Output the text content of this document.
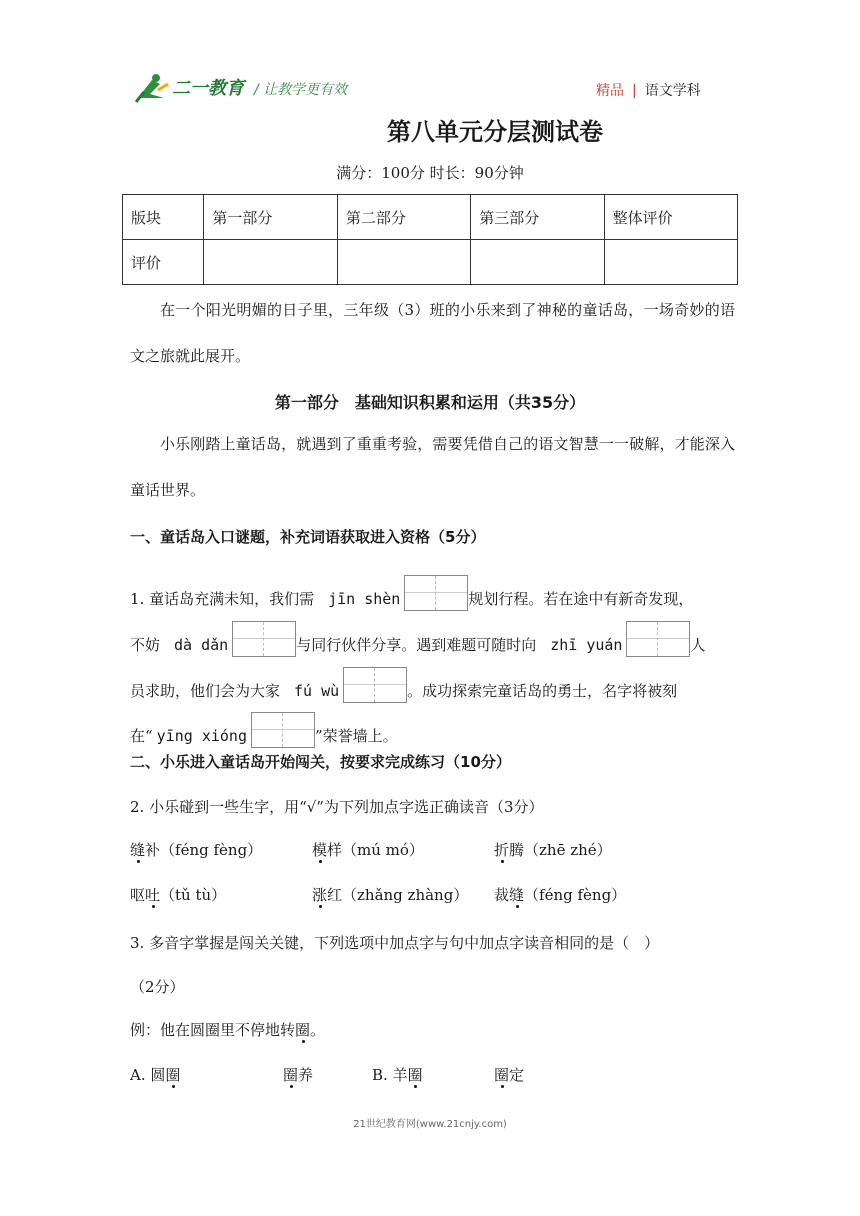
二一教育 / 让教学更有效	精品 | 语文学科
第八单元分层测试卷
满分：100分 时长：90分钟
版块	第一部分	第二部分	第三部分	整体评价
评价				
在一个阳光明媚的日子里，三年级（3）班的小乐来到了神秘的童话岛，一场奇妙的语文之旅就此展开。
第一部分　基础知识积累和运用（共35分）
小乐刚踏上童话岛，就遇到了重重考验，需要凭借自己的语文智慧一一破解，才能深入童话世界。
一、童话岛入口谜题，补充词语获取进入资格（5分）
1. 童话岛充满未知，我们需 jīn shèn	规划行程。若在途中有新奇发现，
不妨 dà dǎn	与同行伙伴分享。遇到难题可随时向 zhī yuán	人
员求助，他们会为大家 fú wù	。成功探索完童话岛的勇士，名字将被刻
在“ yīng xióng	”荣誉墙上。
二、小乐进入童话岛开始闯关，按要求完成练习（10分）
2. 小乐碰到一些生字，用“√”为下列加点字选正确读音（3分）
缝补（féng fèng）	模样（mú mó）	折腾（zhē zhé）
呕吐（tǔ tù）	涨红（zhǎng zhàng） 裁缝（féng fèng）
3. 多音字掌握是闯关关键，下列选项中加点字与句中加点字读音相同的是（　）
（2分）
例：他在圆圈里不停地转圈。
A. 圆圈	圈养	B. 羊圈	圈定
21世纪教育网(www.21cnjy.com)
